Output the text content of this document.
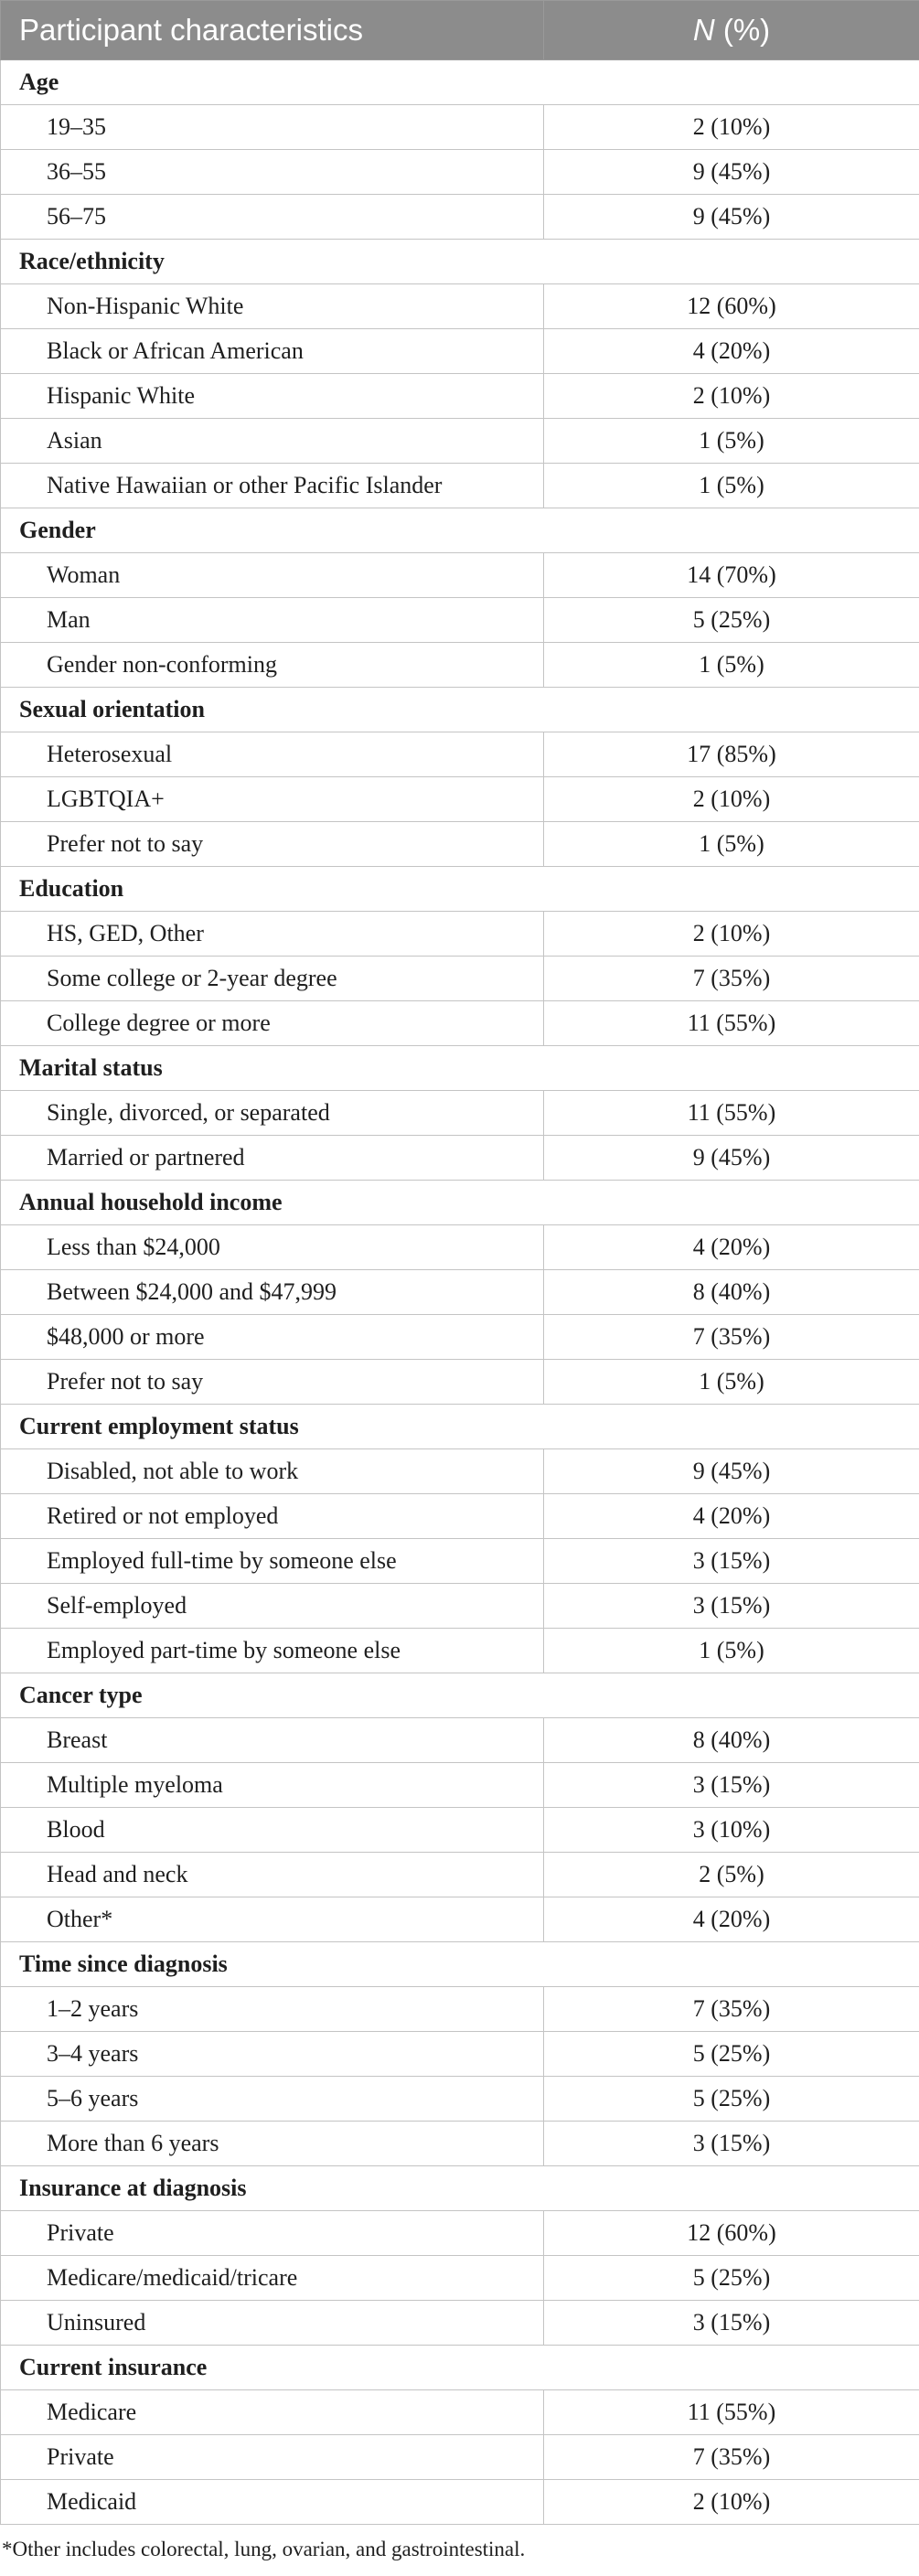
Participant characteristics	N (%)
Age	
19–35	2 (10%)
36–55	9 (45%)
56–75	9 (45%)
Race/ethnicity	
Non-Hispanic White	12 (60%)
Black or African American	4 (20%)
Hispanic White	2 (10%)
Asian	1 (5%)
Native Hawaiian or other Pacific Islander	1 (5%)
Gender	
Woman	14 (70%)
Man	5 (25%)
Gender non-conforming	1 (5%)
Sexual orientation	
Heterosexual	17 (85%)
LGBTQIA+	2 (10%)
Prefer not to say	1 (5%)
Education	
HS, GED, Other	2 (10%)
Some college or 2-year degree	7 (35%)
College degree or more	11 (55%)
Marital status	
Single, divorced, or separated	11 (55%)
Married or partnered	9 (45%)
Annual household income	
Less than $24,000	4 (20%)
Between $24,000 and $47,999	8 (40%)
$48,000 or more	7 (35%)
Prefer not to say	1 (5%)
Current employment status	
Disabled, not able to work	9 (45%)
Retired or not employed	4 (20%)
Employed full-time by someone else	3 (15%)
Self-employed	3 (15%)
Employed part-time by someone else	1 (5%)
Cancer type	
Breast	8 (40%)
Multiple myeloma	3 (15%)
Blood	3 (10%)
Head and neck	2 (5%)
Other*	4 (20%)
Time since diagnosis	
1–2 years	7 (35%)
3–4 years	5 (25%)
5–6 years	5 (25%)
More than 6 years	3 (15%)
Insurance at diagnosis	
Private	12 (60%)
Medicare/medicaid/tricare	5 (25%)
Uninsured	3 (15%)
Current insurance	
Medicare	11 (55%)
Private	7 (35%)
Medicaid	2 (10%)
*Other includes colorectal, lung, ovarian, and gastrointestinal.
